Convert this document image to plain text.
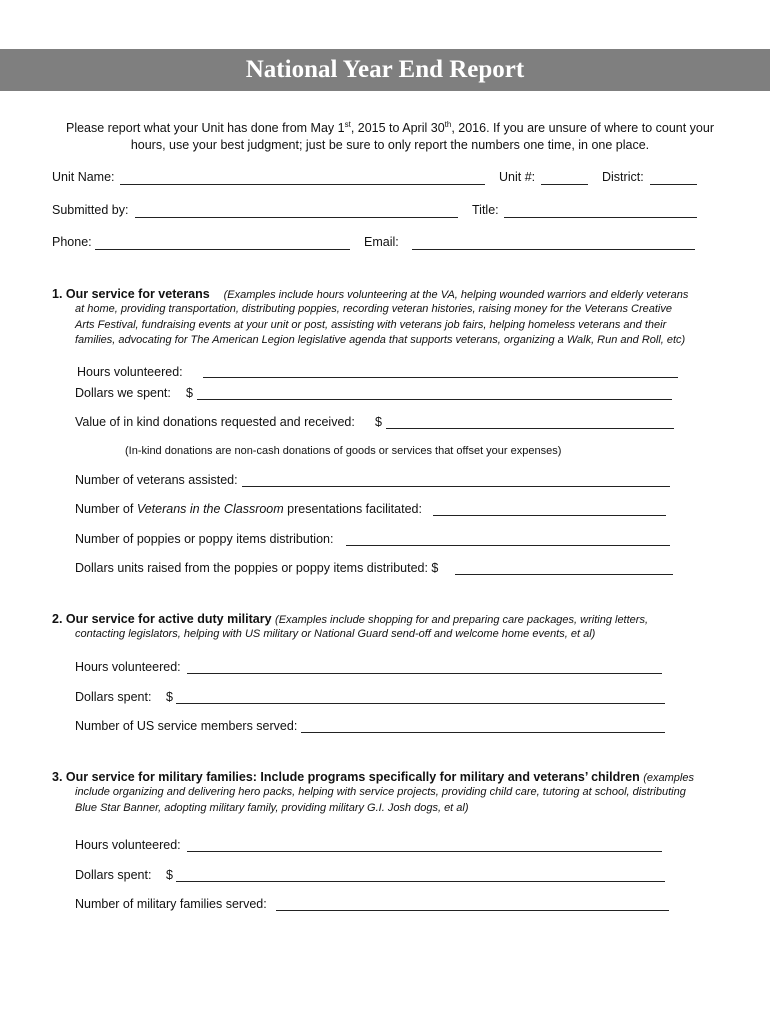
National Year End Report
Please report what your Unit has done from May 1st, 2015 to April 30th, 2016. If you are unsure of where to count your
hours, use your best judgment; just be sure to only report the numbers one time, in one place.
Unit Name:	Unit #:	District:
Submitted by:	Title:
Phone:	Email:
1. Our service for veterans (Examples include hours volunteering at the VA, helping wounded warriors and elderly veterans
at home, providing transportation, distributing poppies, recording veteran histories, raising money for the Veterans Creative
Arts Festival, fundraising events at your unit or post, assisting with veterans job fairs, helping homeless veterans and their
families, advocating for The American Legion legislative agenda that supports veterans, organizing a Walk, Run and Roll, etc)
Hours volunteered:
Dollars we spent: $
Value of in kind donations requested and received: $
(In-kind donations are non-cash donations of goods or services that offset your expenses)
Number of veterans assisted:
Number of Veterans in the Classroom presentations facilitated:
Number of poppies or poppy items distribution:
Dollars units raised from the poppies or poppy items distributed: $
2. Our service for active duty military (Examples include shopping for and preparing care packages, writing letters,
contacting legislators, helping with US military or National Guard send-off and welcome home events, et al)
Hours volunteered:
Dollars spent: $
Number of US service members served:
3. Our service for military families: Include programs specifically for military and veterans’ children (examples
include organizing and delivering hero packs, helping with service projects, providing child care, tutoring at school, distributing
Blue Star Banner, adopting military family, providing military G.I. Josh dogs, et al)
Hours volunteered:
Dollars spent: $
Number of military families served:
